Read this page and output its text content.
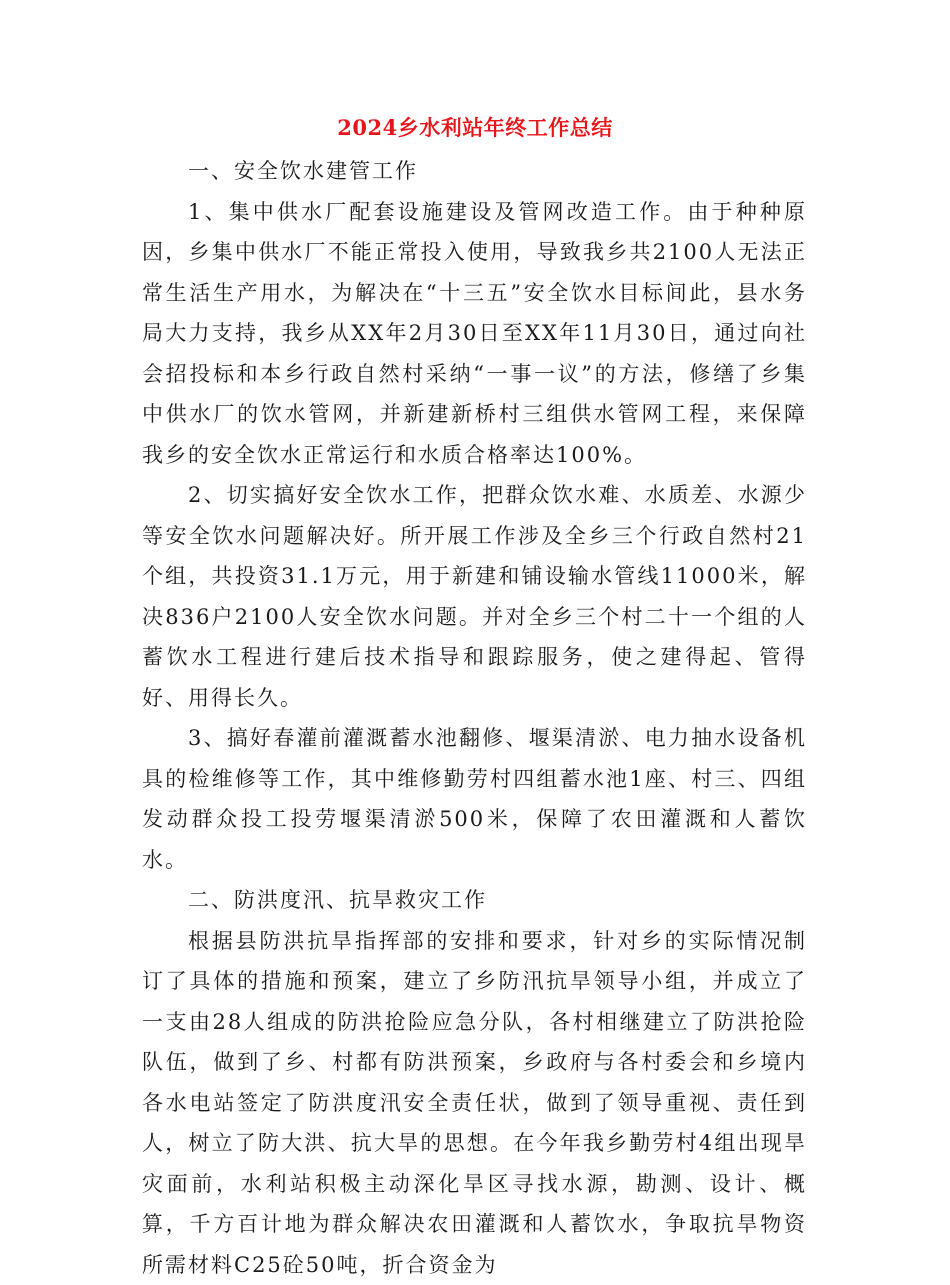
2024乡水利站年终工作总结

一、安全饮水建管工作

1、集中供水厂配套设施建设及管网改造工作。由于种种原因，乡集中供水厂不能正常投入使用，导致我乡共2100人无法正常生活生产用水，为解决在“十三五”安全饮水目标间此，县水务局大力支持，我乡从XX年2月30日至XX年11月30日，通过向社会招投标和本乡行政自然村采纳“一事一议”的方法，修缮了乡集中供水厂的饮水管网，并新建新桥村三组供水管网工程，来保障我乡的安全饮水正常运行和水质合格率达100%。

2、切实搞好安全饮水工作，把群众饮水难、水质差、水源少等安全饮水问题解决好。所开展工作涉及全乡三个行政自然村21个组，共投资31.1万元，用于新建和铺设输水管线11000米，解决836户2100人安全饮水问题。并对全乡三个村二十一个组的人蓄饮水工程进行建后技术指导和跟踪服务，使之建得起、管得好、用得长久。

3、搞好春灌前灌溉蓄水池翻修、堰渠清淤、电力抽水设备机具的检维修等工作，其中维修勤劳村四组蓄水池1座、村三、四组发动群众投工投劳堰渠清淤500米，保障了农田灌溉和人蓄饮水。

二、防洪度汛、抗旱救灾工作

根据县防洪抗旱指挥部的安排和要求，针对乡的实际情况制订了具体的措施和预案，建立了乡防汛抗旱领导小组，并成立了一支由28人组成的防洪抢险应急分队，各村相继建立了防洪抢险队伍，做到了乡、村都有防洪预案，乡政府与各村委会和乡境内各水电站签定了防洪度汛安全责任状，做到了领导重视、责任到人，树立了防大洪、抗大旱的思想。在今年我乡勤劳村4组出现旱灾面前，水利站积极主动深化旱区寻找水源，勘测、设计、概算，千方百计地为群众解决农田灌溉和人蓄饮水，争取抗旱物资所需材料C25砼50吨，折合资金为
